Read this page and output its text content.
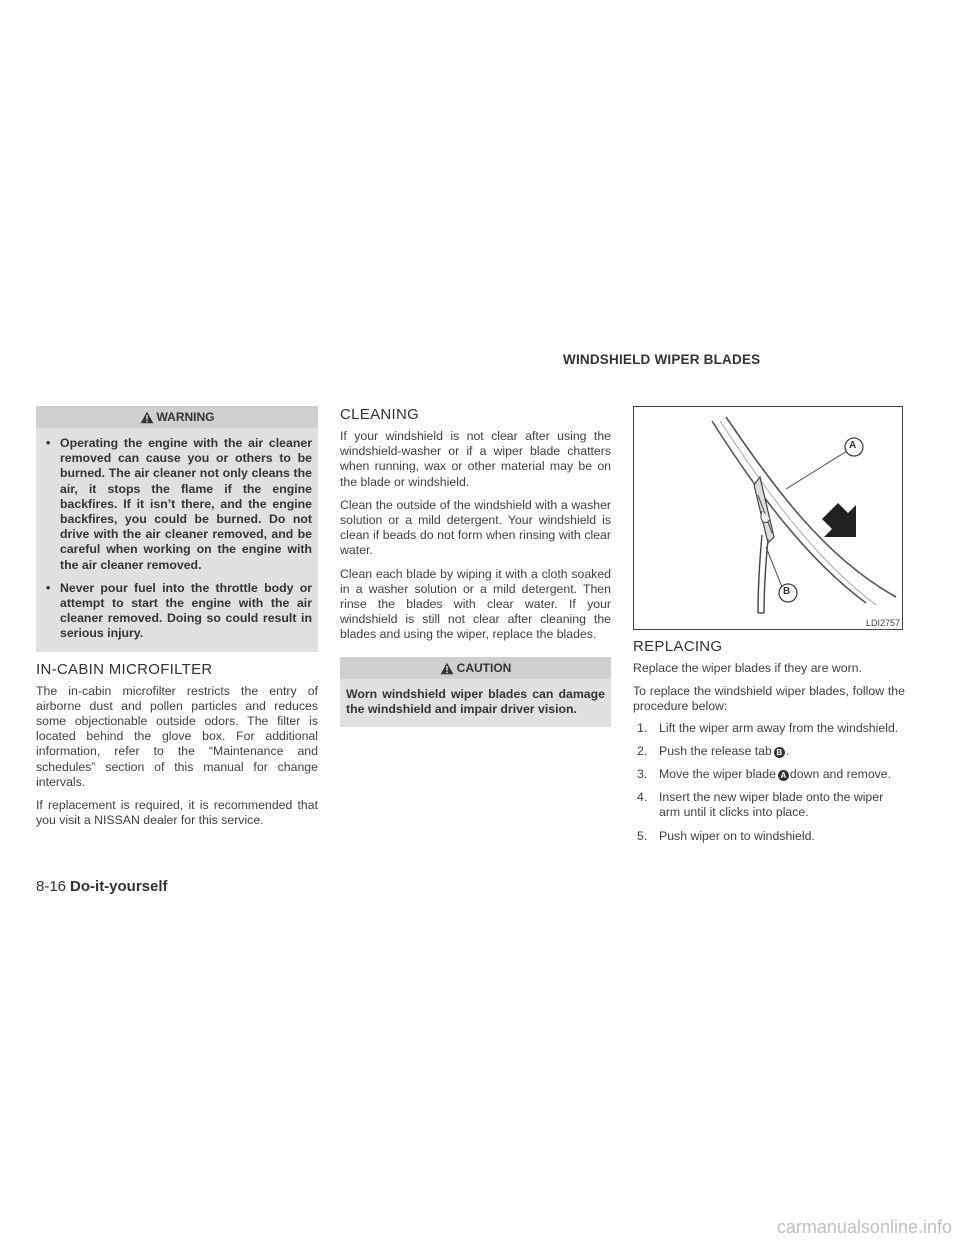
WINDSHIELD WIPER BLADES
WARNING
• Operating the engine with the air cleaner removed can cause you or others to be burned. The air cleaner not only cleans the air, it stops the flame if the engine backfires. If it isn’t there, and the engine backfires, you could be burned. Do not drive with the air cleaner removed, and be careful when working on the engine with the air cleaner removed.
• Never pour fuel into the throttle body or attempt to start the engine with the air cleaner removed. Doing so could result in serious injury.
IN-CABIN MICROFILTER

The in-cabin microfilter restricts the entry of airborne dust and pollen particles and reduces some objectionable outside odors. The filter is located behind the glove box. For additional information, refer to the “Maintenance and schedules” section of this manual for change intervals.

If replacement is required, it is recommended that you visit a NISSAN dealer for this service.

CLEANING

If your windshield is not clear after using the windshield-washer or if a wiper blade chatters when running, wax or other material may be on the blade or windshield.

Clean the outside of the windshield with a washer solution or a mild detergent. Your windshield is clean if beads do not form when rinsing with clear water.

Clean each blade by wiping it with a cloth soaked in a washer solution or a mild detergent. Then rinse the blades with clear water. If your windshield is still not clear after cleaning the blades and using the wiper, replace the blades.

CAUTION
Worn windshield wiper blades can damage the windshield and impair driver vision.
A
B
LDI2757
REPLACING

Replace the wiper blades if they are worn.

To replace the windshield wiper blades, follow the procedure below:

1. Lift the wiper arm away from the windshield.
2. Push the release tab B .
3. Move the wiper blade A down and remove.
4. Insert the new wiper blade onto the wiper arm until it clicks into place.
5. Push wiper on to windshield.
8-16 Do-it-yourself
carmanualsonline.info
